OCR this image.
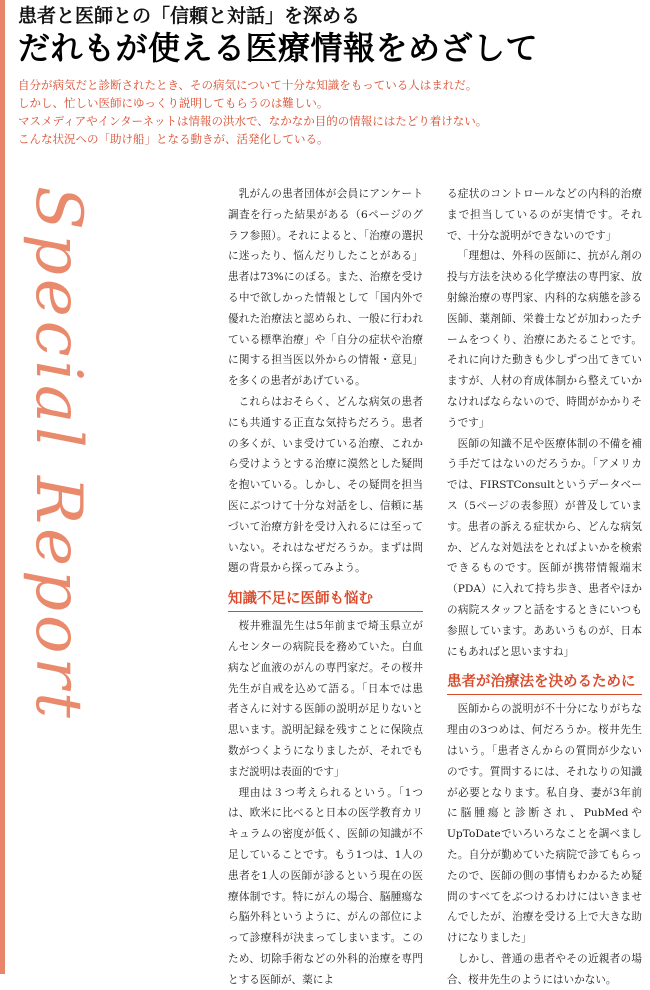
患者と医師との「信頼と対話」を深める
だれもが使える医療情報をめざして

自分が病気だと診断されたとき、その病気について十分な知識をもっている人はまれだ。

しかし、忙しい医師にゆっくり説明してもらうのは難しい。

マスメディアやインターネットは情報の洪水で、なかなか目的の情報にはたどり着けない。

こんな状況への「助け船」となる動きが、活発化している。

Special Report	乳がんの患者団体が会員にアンケート調査を行った結果がある（6ページのグラフ参照）。それによると、「治療の選択に迷ったり、悩んだりしたことがある」患者は73%にのぼる。また、治療を受ける中で欲しかった情報として「国内外で優れた治療法と認められ、一般に行われている標準治療」や「自分の症状や治療に関する担当医以外からの情報・意見」を多くの患者があげている。

これらはおそらく、どんな病気の患者にも共通する正直な気持ちだろう。患者の多くが、いま受けている治療、これから受けようとする治療に漠然とした疑問を抱いている。しかし、その疑問を担当医にぶつけて十分な対話をし、信頼に基づいて治療方針を受け入れるには至っていない。それはなぜだろうか。まずは問題の背景から探ってみよう。

知識不足に医師も悩む

桜井雅温先生は5年前まで埼玉県立がんセンターの病院長を務めていた。白血病など血液のがんの専門家だ。その桜井先生が自戒を込めて語る。「日本では患者さんに対する医師の説明が足りないと思います。説明記録を残すことに保険点数がつくようになりましたが、それでもまだ説明は表面的です」

理由は３つ考えられるという。「1つは、欧米に比べると日本の医学教育カリキュラムの密度が低く、医師の知識が不足していることです。もう1つは、1人の患者を1人の医師が診るという現在の医療体制です。特にがんの場合、脳腫瘍なら脳外科というように、がんの部位によって診療科が決まってしまいます。このため、切除手術などの外科的治療を専門とする医師が、薬によ

る症状のコントロールなどの内科的治療まで担当しているのが実情です。それで、十分な説明ができないのです」

「理想は、外科の医師に、抗がん剤の投与方法を決める化学療法の専門家、放射線治療の専門家、内科的な病態を診る医師、薬剤師、栄養士などが加わったチームをつくり、治療にあたることです。それに向けた動きも少しずつ出てきていますが、人材の育成体制から整えていかなければならないので、時間がかかりそうです」

医師の知識不足や医療体制の不備を補う手だてはないのだろうか。「アメリカでは、FIRSTConsultというデータベース（5ページの表参照）が普及しています。患者の訴える症状から、どんな病気か、どんな対処法をとればよいかを検索できるものです。医師が携帯情報端末（PDA）に入れて持ち歩き、患者やほかの病院スタッフと話をするときにいつも参照しています。ああいうものが、日本にもあればと思いますね」

患者が治療法を決めるために

医師からの説明が不十分になりがちな理由の3つめは、何だろうか。桜井先生はいう。「患者さんからの質問が少ないのです。質問するには、それなりの知識が必要となります。私自身、妻が3年前に脳腫瘍と診断され、PubMedやUpToDateでいろいろなことを調べました。自分が勤めていた病院で診てもらったので、医師の側の事情もわかるため疑問のすべてをぶつけるわけにはいきませんでしたが、治療を受ける上で大きな助けになりました」

しかし、普通の患者やその近親者の場合、桜井先生のようにはいかない。
